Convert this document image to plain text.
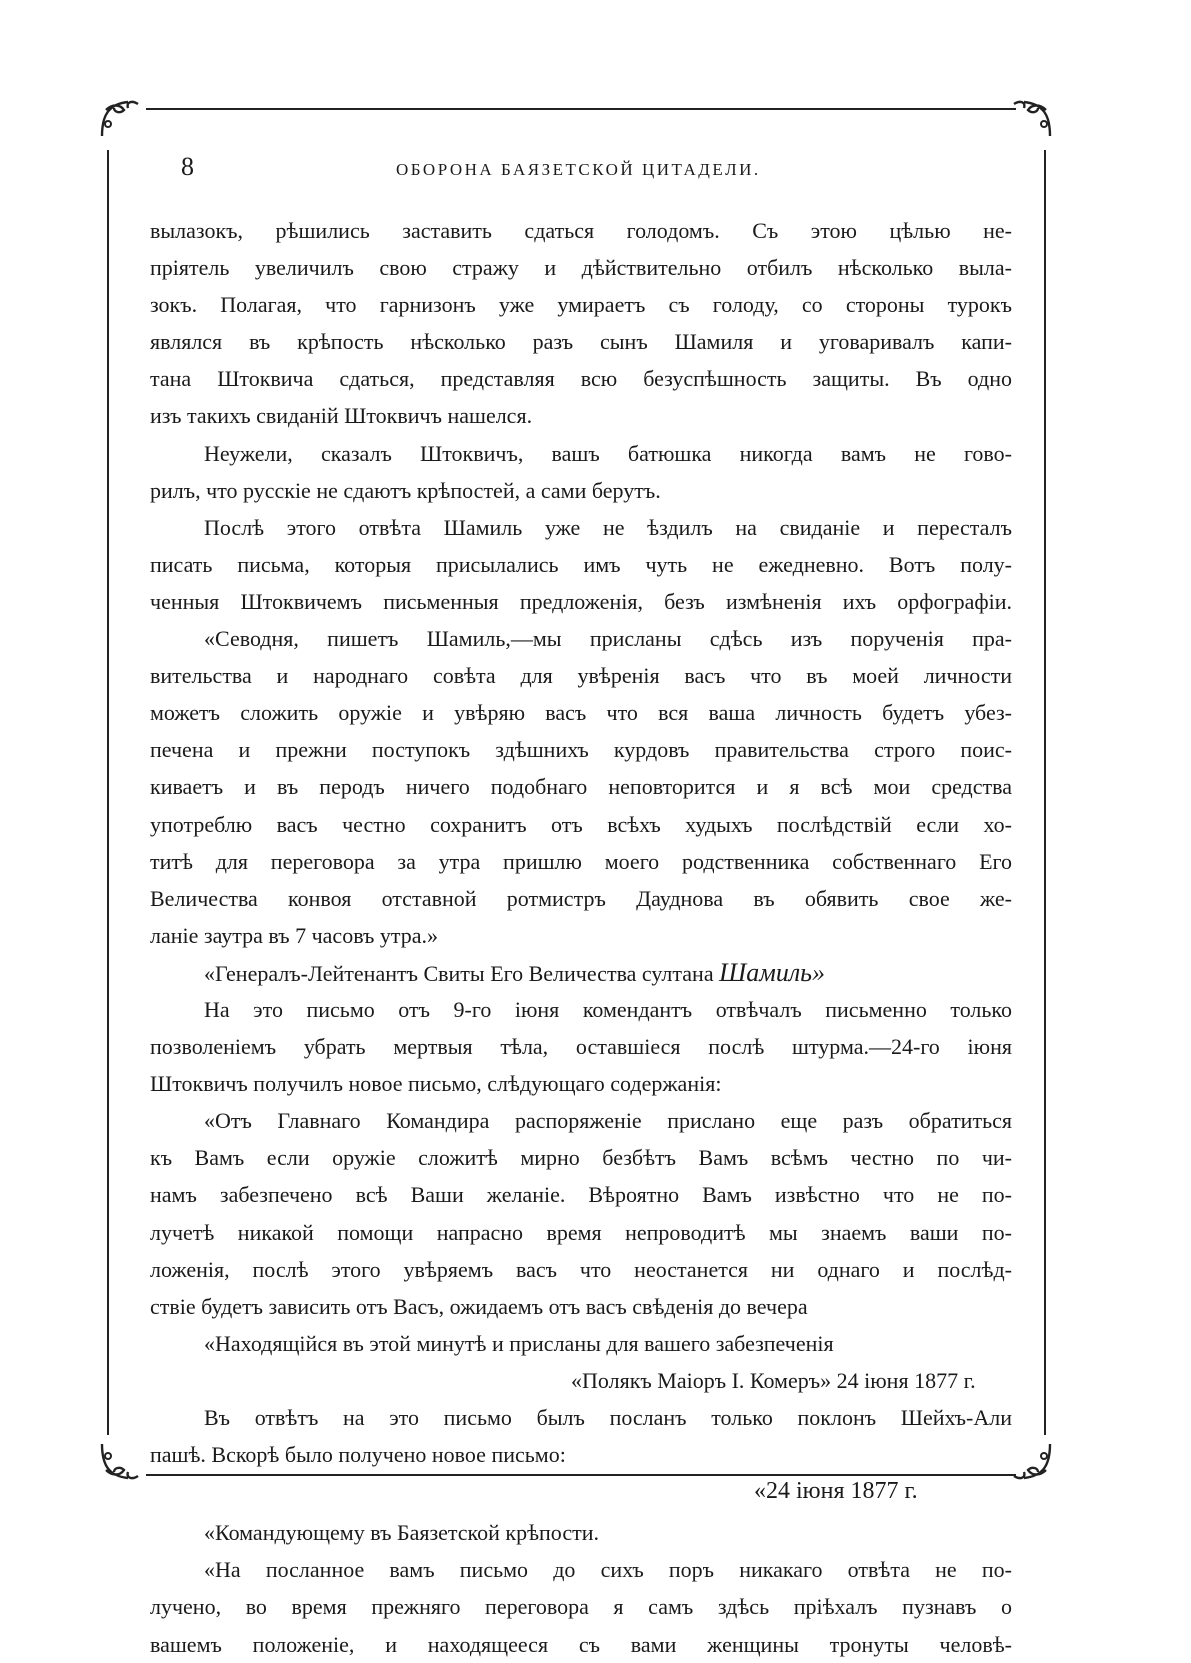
8	ОБОРОНА БАЯЗЕТСКОЙ ЦИТАДЕЛИ.
вылазокъ, рѣшились заставить сдаться голодомъ. Съ этою цѣлью не-
пріятель увеличилъ свою стражу и дѣйствительно отбилъ нѣсколько выла-
зокъ. Полагая, что гарнизонъ уже умираетъ съ голоду, со стороны турокъ
являлся въ крѣпость нѣсколько разъ сынъ Шамиля и уговаривалъ капи-
тана Штоквича сдаться, представляя всю безуспѣшность защиты. Въ одно
изъ такихъ свиданій Штоквичъ нашелся.
Неужели, сказалъ Штоквичъ, вашъ батюшка никогда вамъ не гово-
рилъ, что русскіе не сдаютъ крѣпостей, а сами берутъ.
Послѣ этого отвѣта Шамиль уже не ѣздилъ на свиданіе и пересталъ
писать письма, которыя присылались имъ чуть не ежедневно. Вотъ полу-
ченныя Штоквичемъ письменныя предложенія, безъ измѣненія ихъ орфографіи.
«Севодня, пишетъ Шамиль,—мы присланы сдѣсь изъ порученія пра-
вительства и народнаго совѣта для увѣренія васъ что въ моей личности
можетъ сложить оружіе и увѣряю васъ что вся ваша личность будетъ убез-
печена и прежни поступокъ здѣшнихъ курдовъ правительства строго поис-
киваетъ и въ перодъ ничего подобнаго неповторится и я всѣ мои средства
употреблю васъ честно сохранитъ отъ всѣхъ худыхъ послѣдствій если хо-
титѣ для переговора за утра пришлю моего родственника собственнаго Его
Величества конвоя отставной ротмистръ Дауднова въ обявить свое же-
ланіе заутра въ 7 часовъ утра.»
«Генералъ-Лейтенантъ Свиты Его Величества султана Шамиль»
На это письмо отъ 9-го іюня комендантъ отвѣчалъ письменно только
позволеніемъ убрать мертвыя тѣла, оставшіеся послѣ штурма.—24-го іюня
Штоквичъ получилъ новое письмо, слѣдующаго содержанія:
«Отъ Главнаго Командира распоряженіе прислано еще разъ обратиться
къ Вамъ если оружіе сложитѣ мирно безбѣтъ Вамъ всѣмъ честно по чи-
намъ забезпечено всѣ Ваши желаніе. Вѣроятно Вамъ извѣстно что не по-
лучетѣ никакой помощи напрасно время непроводитѣ мы знаемъ ваши по-
ложенія, послѣ этого увѣряемъ васъ что неостанется ни однаго и послѣд-
ствіе будетъ зависить отъ Васъ, ожидаемъ отъ васъ свѣденія до вечера
«Находящійся въ этой минутѣ и присланы для вашего забезпеченія
«Полякъ Маіоръ І. Комеръ» 24 іюня 1877 г.
Въ отвѣтъ на это письмо былъ посланъ только поклонъ Шейхъ-Али
пашѣ. Вскорѣ было получено новое письмо:
«24 іюня 1877 г.
«Командующему въ Баязетской крѣпости.
«На посланное вамъ письмо до сихъ поръ никакаго отвѣта не по-
лучено, во время прежняго переговора я самъ здѣсь пріѣхалъ пузнавъ о
вашемъ положеніе, и находящееся съ вами женщины тронуты человѣ-
